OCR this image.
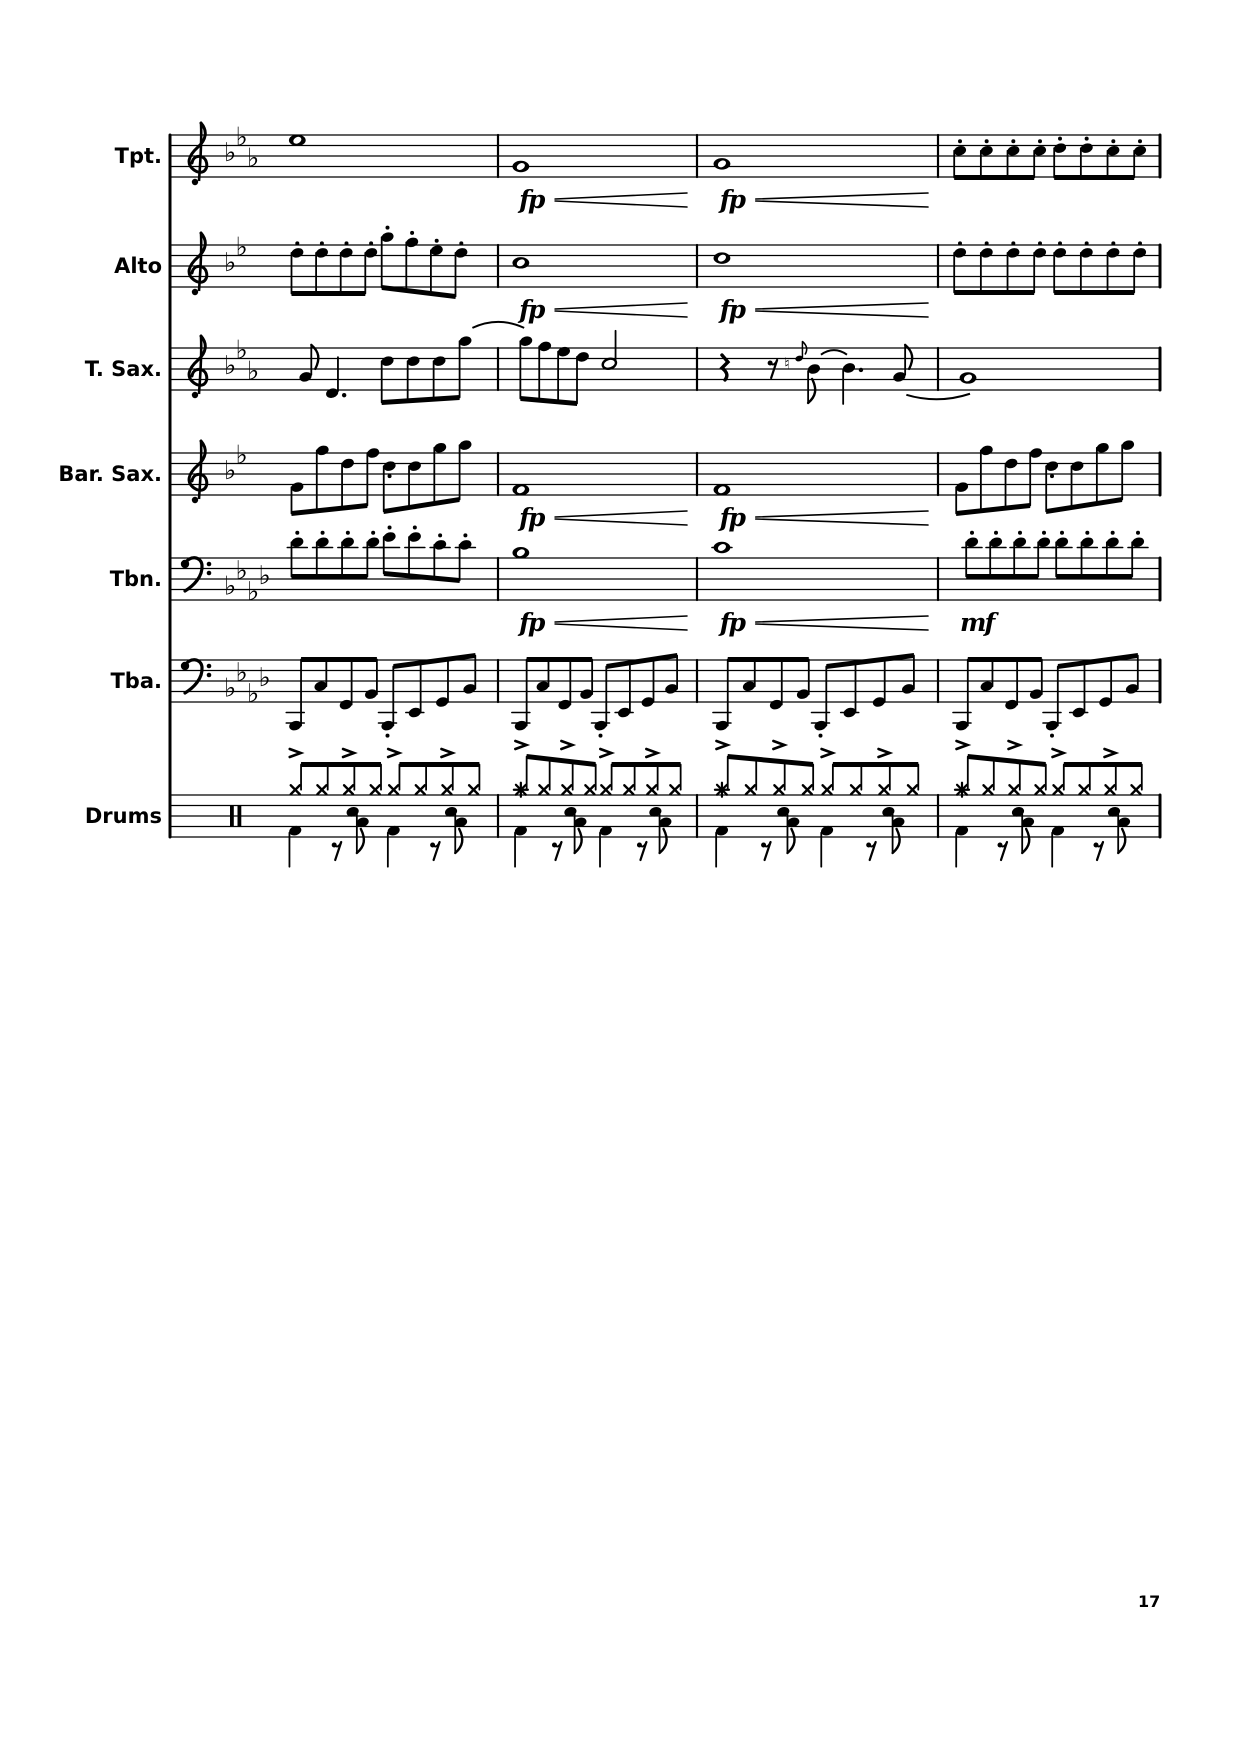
Tpt. ♭
♭
♭
fp	fp
Alto ♭
♭
fp	fp
T. Sax. ♭
♭
♭	♮
Bar. Sax. ♭
♭
fp	fp
Tbn. ♭
♭
♭
♭
fp	fp	mf
Tba. ♭
♭
♭
♭
Drums
17
